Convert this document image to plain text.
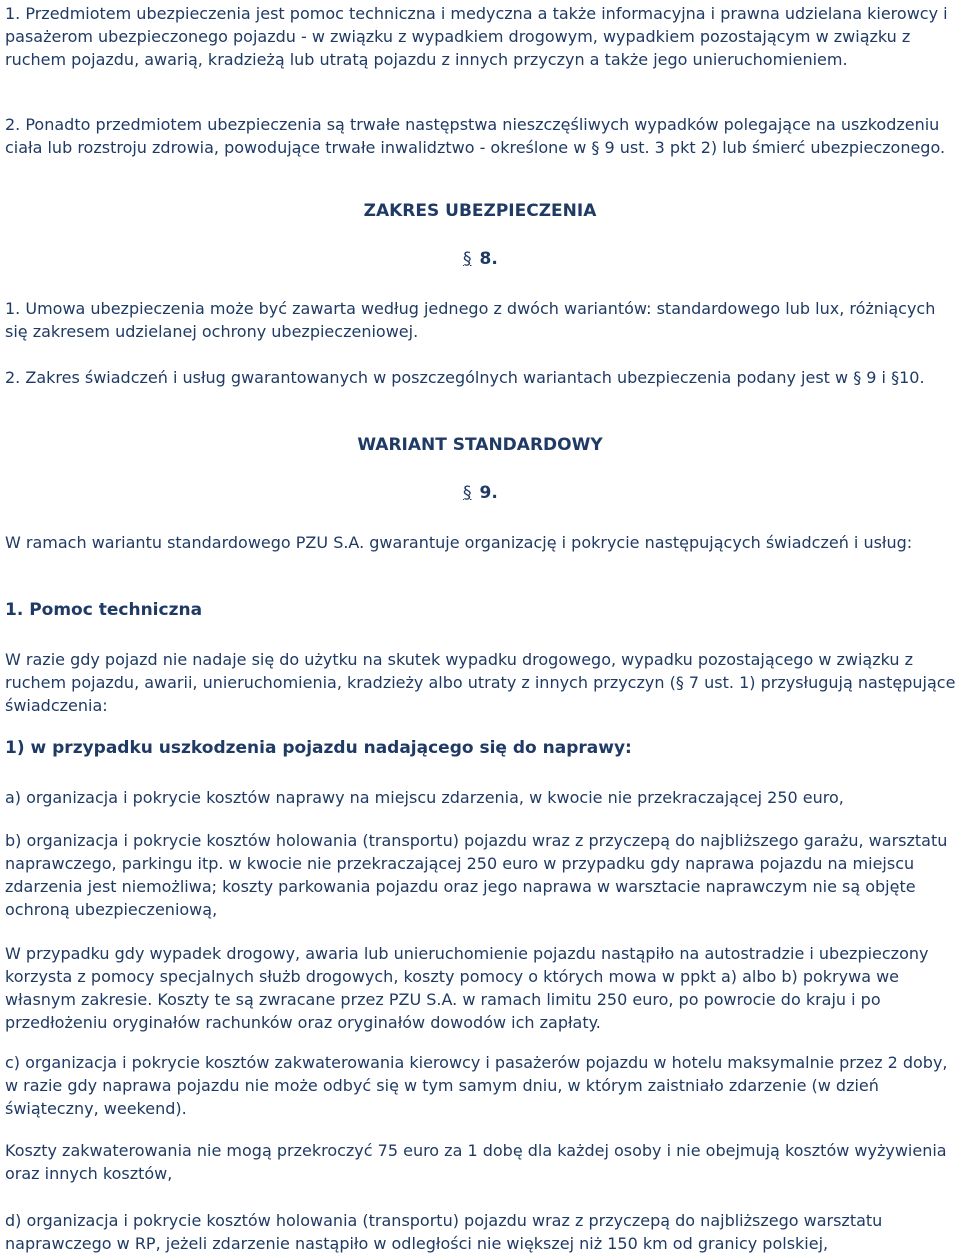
1. Przedmiotem ubezpieczenia jest pomoc techniczna i medyczna a także informacyjna i prawna udzielana kierowcy i pasażerom ubezpieczonego pojazdu - w związku z wypadkiem drogowym, wypadkiem pozostającym w związku z ruchem pojazdu, awarią, kradzieżą lub utratą pojazdu z innych przyczyn a także jego unieruchomieniem.

2. Ponadto przedmiotem ubezpieczenia są trwałe następstwa nieszczęśliwych wypadków polegające na uszkodzeniu ciała lub rozstroju zdrowia, powodujące trwałe inwalidztwo - określone w § 9 ust. 3 pkt 2) lub śmierć ubezpieczonego.

ZAKRES UBEZPIECZENIA

§ 8.

1. Umowa ubezpieczenia może być zawarta według jednego z dwóch wariantów: standardowego lub lux, różniących się zakresem udzielanej ochrony ubezpieczeniowej.

2. Zakres świadczeń i usług gwarantowanych w poszczególnych wariantach ubezpieczenia podany jest w § 9 i §10.

WARIANT STANDARDOWY

§ 9.

W ramach wariantu standardowego PZU S.A. gwarantuje organizację i pokrycie następujących świadczeń i usług:

1. Pomoc techniczna

W razie gdy pojazd nie nadaje się do użytku na skutek wypadku drogowego, wypadku pozostającego w związku z ruchem pojazdu, awarii, unieruchomienia, kradzieży albo utraty z innych przyczyn (§ 7 ust. 1) przysługują następujące świadczenia:

1) w przypadku uszkodzenia pojazdu nadającego się do naprawy:

a) organizacja i pokrycie kosztów naprawy na miejscu zdarzenia, w kwocie nie przekraczającej 250 euro,

b) organizacja i pokrycie kosztów holowania (transportu) pojazdu wraz z przyczepą do najbliższego garażu, warsztatu naprawczego, parkingu itp. w kwocie nie przekraczającej 250 euro w przypadku gdy naprawa pojazdu na miejscu zdarzenia jest niemożliwa; koszty parkowania pojazdu oraz jego naprawa w warsztacie naprawczym nie są objęte ochroną ubezpieczeniową,

W przypadku gdy wypadek drogowy, awaria lub unieruchomienie pojazdu nastąpiło na autostradzie i ubezpieczony korzysta z pomocy specjalnych służb drogowych, koszty pomocy o których mowa w ppkt a) albo b) pokrywa we własnym zakresie. Koszty te są zwracane przez PZU S.A. w ramach limitu 250 euro, po powrocie do kraju i po przedłożeniu oryginałów rachunków oraz oryginałów dowodów ich zapłaty.

c) organizacja i pokrycie kosztów zakwaterowania kierowcy i pasażerów pojazdu w hotelu maksymalnie przez 2 doby, w razie gdy naprawa pojazdu nie może odbyć się w tym samym dniu, w którym zaistniało zdarzenie (w dzień świąteczny, weekend).

Koszty zakwaterowania nie mogą przekroczyć 75 euro za 1 dobę dla każdej osoby i nie obejmują kosztów wyżywienia oraz innych kosztów,

d) organizacja i pokrycie kosztów holowania (transportu) pojazdu wraz z przyczepą do najbliższego warsztatu naprawczego w RP, jeżeli zdarzenie nastąpiło w odległości nie większej niż 150 km od granicy polskiej,
